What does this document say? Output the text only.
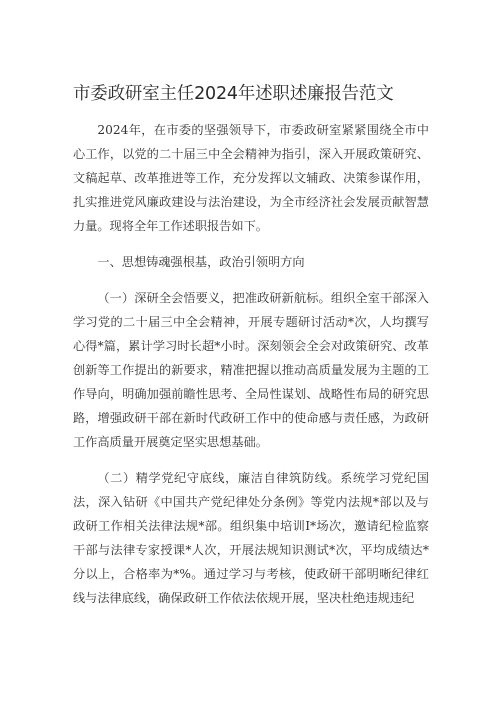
市委政研室主任2024年述职述廉报告范文

2024年，在市委的坚强领导下，市委政研室紧紧围绕全市中心工作，以党的二十届三中全会精神为指引，深入开展政策研究、文稿起草、改革推进等工作，充分发挥以文辅政、决策参谋作用，扎实推进党风廉政建设与法治建设，为全市经济社会发展贡献智慧力量。现将全年工作述职报告如下。

一、思想铸魂强根基，政治引领明方向

（一）深研全会悟要义，把准政研新航标。组织全室干部深入学习党的二十届三中全会精神，开展专题研讨活动*次，人均撰写心得*篇，累计学习时长超*小时。深刻领会全会对政策研究、改革创新等工作提出的新要求，精准把握以推动高质量发展为主题的工作导向，明确加强前瞻性思考、全局性谋划、战略性布局的研究思路，增强政研干部在新时代政研工作中的使命感与责任感，为政研工作高质量开展奠定坚实思想基础。

（二）精学党纪守底线，廉洁自律筑防线。系统学习党纪国法，深入钻研《中国共产党纪律处分条例》等党内法规*部以及与政研工作相关法律法规*部。组织集中培训I*场次，邀请纪检监察干部与法律专家授课*人次，开展法规知识测试*次，平均成绩达*分以上，合格率为*%。通过学习与考核，使政研干部明晰纪律红线与法律底线，确保政研工作依法依规开展，坚决杜绝违规违纪
